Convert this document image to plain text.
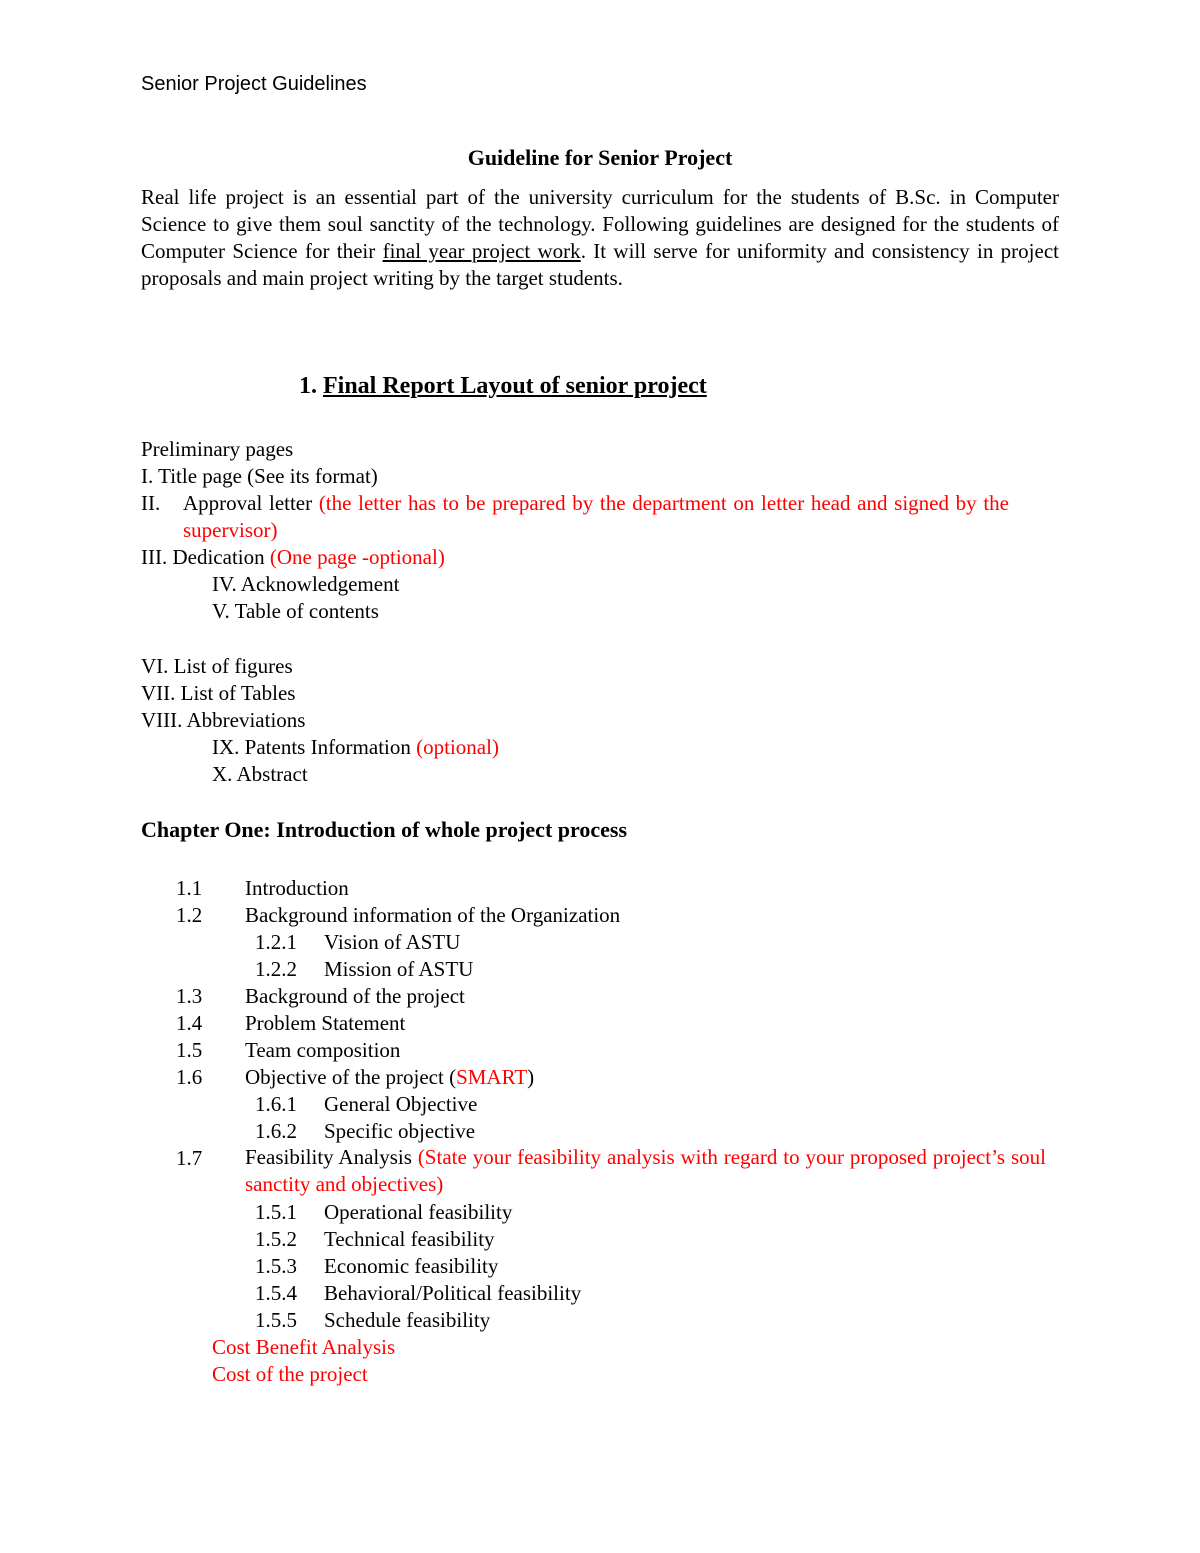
Senior Project Guidelines
Guideline for Senior Project
Real life project is an essential part of the university curriculum for the students of B.Sc. in Computer Science to give them soul sanctity of the technology. Following guidelines are designed for the students of Computer Science for their final year project work. It will serve for uniformity and consistency in project proposals and main project writing by the target students.
1. Final Report Layout of senior project
Preliminary pages
I. Title page (See its format)
II. Approval letter (the letter has to be prepared by the department on letter head and signed by the supervisor)
III. Dedication (One page -optional)
IV. Acknowledgement
V. Table of contents
VI. List of figures
VII. List of Tables
VIII. Abbreviations
IX. Patents Information (optional)
X. Abstract
Chapter One: Introduction of whole project process
1.1 Introduction
1.2 Background information of the Organization
1.2.1 Vision of ASTU
1.2.2 Mission of ASTU
1.3 Background of the project
1.4 Problem Statement
1.5 Team composition
1.6 Objective of the project (SMART)
1.6.1 General Objective
1.6.2 Specific objective
1.7 Feasibility Analysis (State your feasibility analysis with regard to your proposed project’s soul sanctity and objectives)
1.5.1 Operational feasibility
1.5.2 Technical feasibility
1.5.3 Economic feasibility
1.5.4 Behavioral/Political feasibility
1.5.5 Schedule feasibility
Cost Benefit Analysis
Cost of the project
